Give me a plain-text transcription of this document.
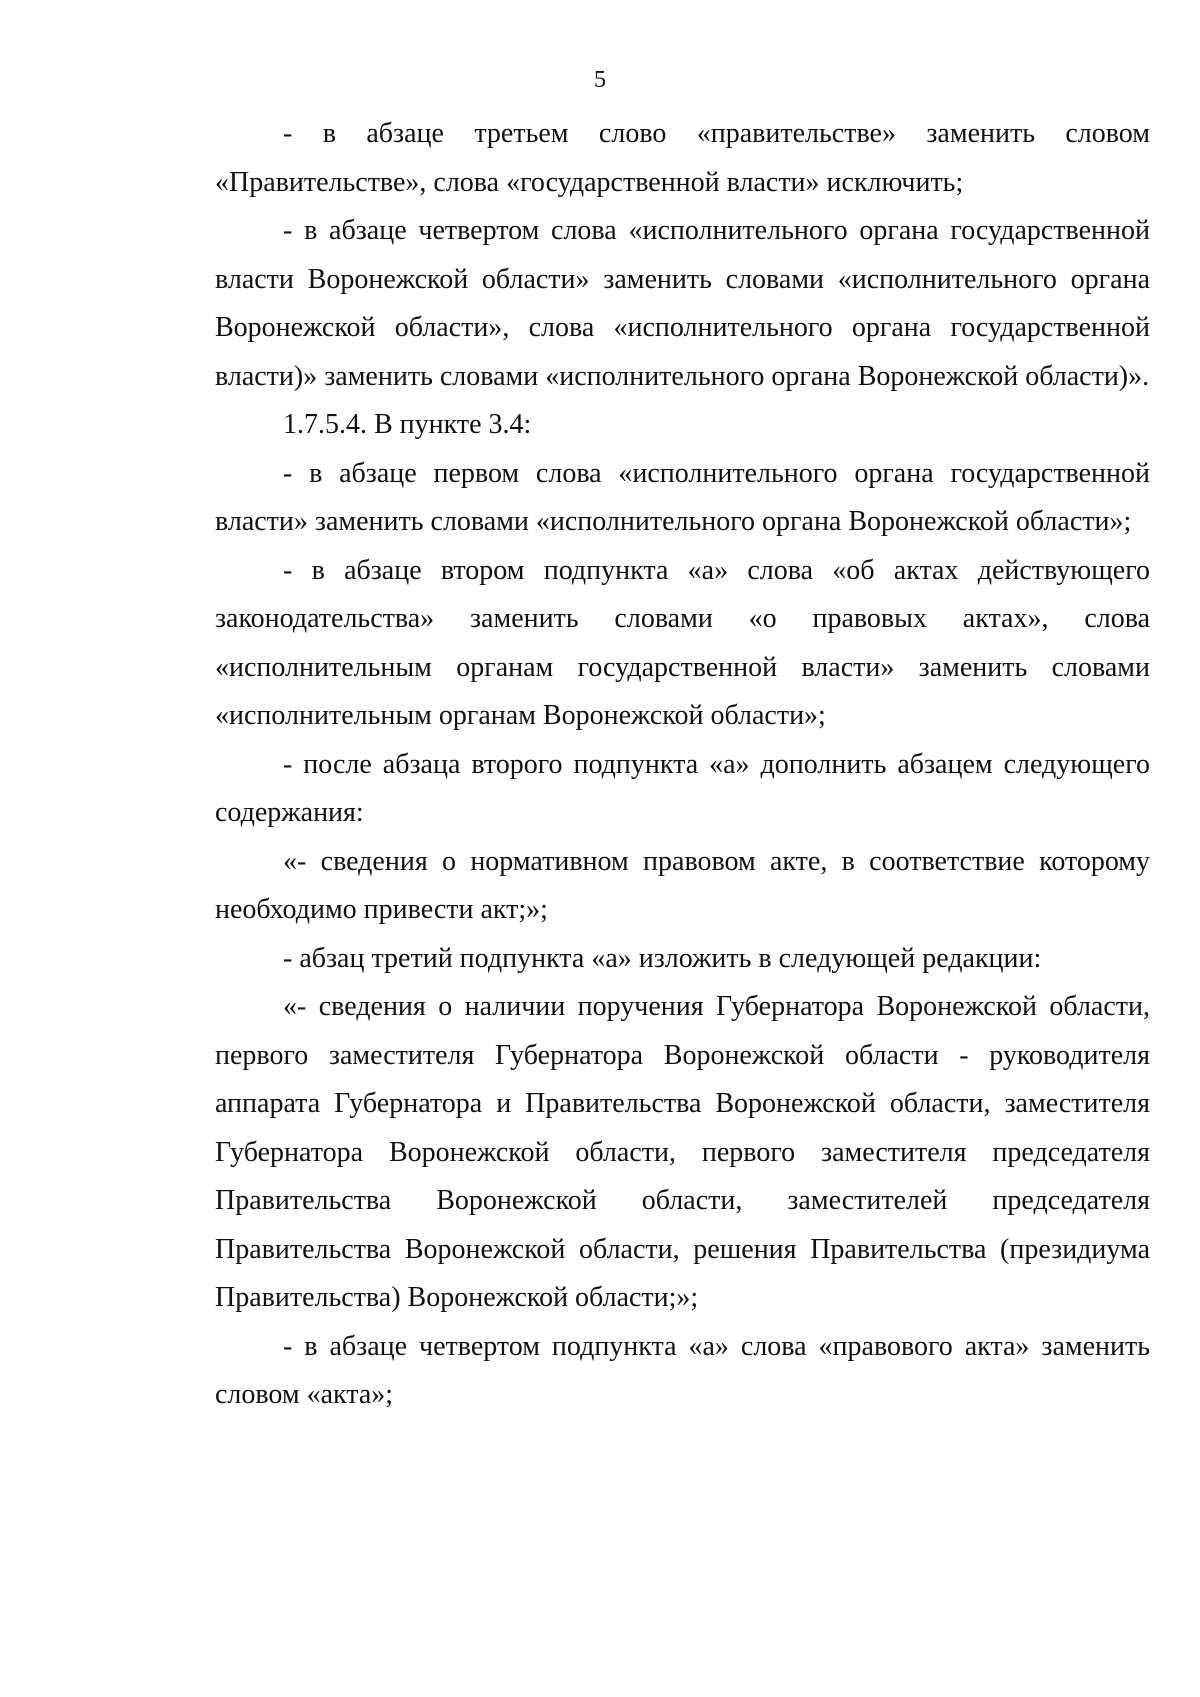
5

- в абзаце третьем слово «правительстве» заменить словом «Правительстве», слова «государственной власти» исключить;

- в абзаце четвертом слова «исполнительного органа государственной власти Воронежской области» заменить словами «исполнительного органа Воронежской области», слова «исполнительного органа государственной власти)» заменить словами «исполнительного органа Воронежской области)».

1.7.5.4. В пункте 3.4:

- в абзаце первом слова «исполнительного органа государственной власти» заменить словами «исполнительного органа Воронежской области»;

- в абзаце втором подпункта «а» слова «об актах действующего законодательства» заменить словами «о правовых актах», слова «исполнительным органам государственной власти» заменить словами «исполнительным органам Воронежской области»;

- после абзаца второго подпункта «а» дополнить абзацем следующего содержания:

«- сведения о нормативном правовом акте, в соответствие которому необходимо привести акт;»;

- абзац третий подпункта «а» изложить в следующей редакции:

«- сведения о наличии поручения Губернатора Воронежской области, первого заместителя Губернатора Воронежской области - руководителя аппарата Губернатора и Правительства Воронежской области, заместителя Губернатора Воронежской области, первого заместителя председателя Правительства Воронежской области, заместителей председателя Правительства Воронежской области, решения Правительства (президиума Правительства) Воронежской области;»;

- в абзаце четвертом подпункта «а» слова «правового акта» заменить словом «акта»;
